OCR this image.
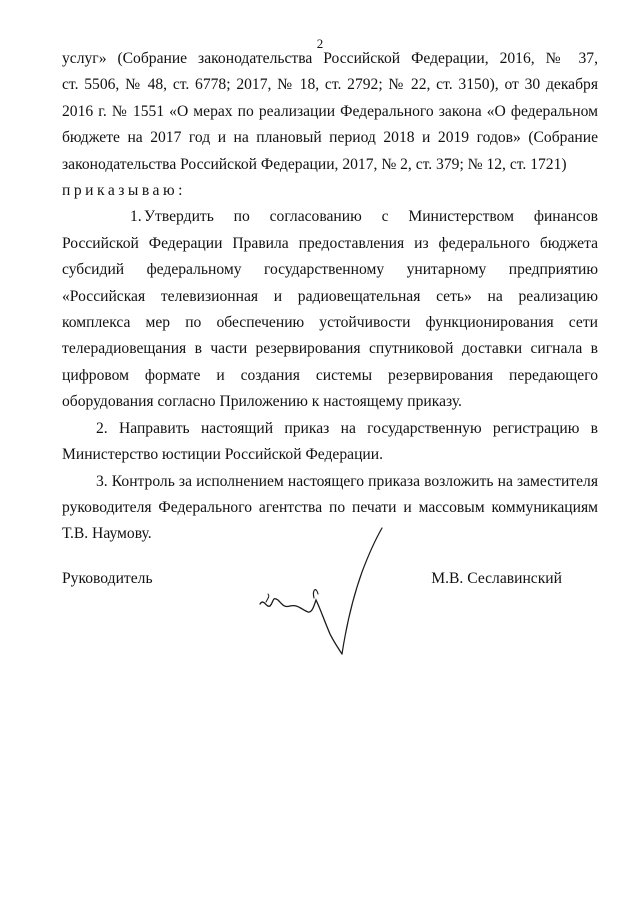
2

услуг» (Собрание законодательства Российской Федерации, 2016, № 37,
ст. 5506, № 48, ст. 6778; 2017, № 18, ст. 2792; № 22, ст. 3150), от 30 декабря
2016 г. № 1551 «О мерах по реализации Федерального закона «О федеральном
бюджете на 2017 год и на плановый период 2018 и 2019 годов» (Собрание
законодательства Российской Федерации, 2017, № 2, ст. 379; № 12, ст. 1721)

приказываю:

1. Утвердить по согласованию с Министерством финансов Российской Федерации Правила предоставления из федерального бюджета субсидий федеральному государственному унитарному предприятию «Российская телевизионная и радиовещательная сеть» на реализацию комплекса мер по обеспечению устойчивости функционирования сети телерадиовещания в части резервирования спутниковой доставки сигнала в цифровом формате и создания системы резервирования передающего оборудования согласно Приложению к настоящему приказу.

2. Направить настоящий приказ на государственную регистрацию в Министерство юстиции Российской Федерации.

3. Контроль за исполнением настоящего приказа возложить на заместителя руководителя Федерального агентства по печати и массовым коммуникациям Т.В. Наумову.

Руководитель	М.В. Сеславинский
